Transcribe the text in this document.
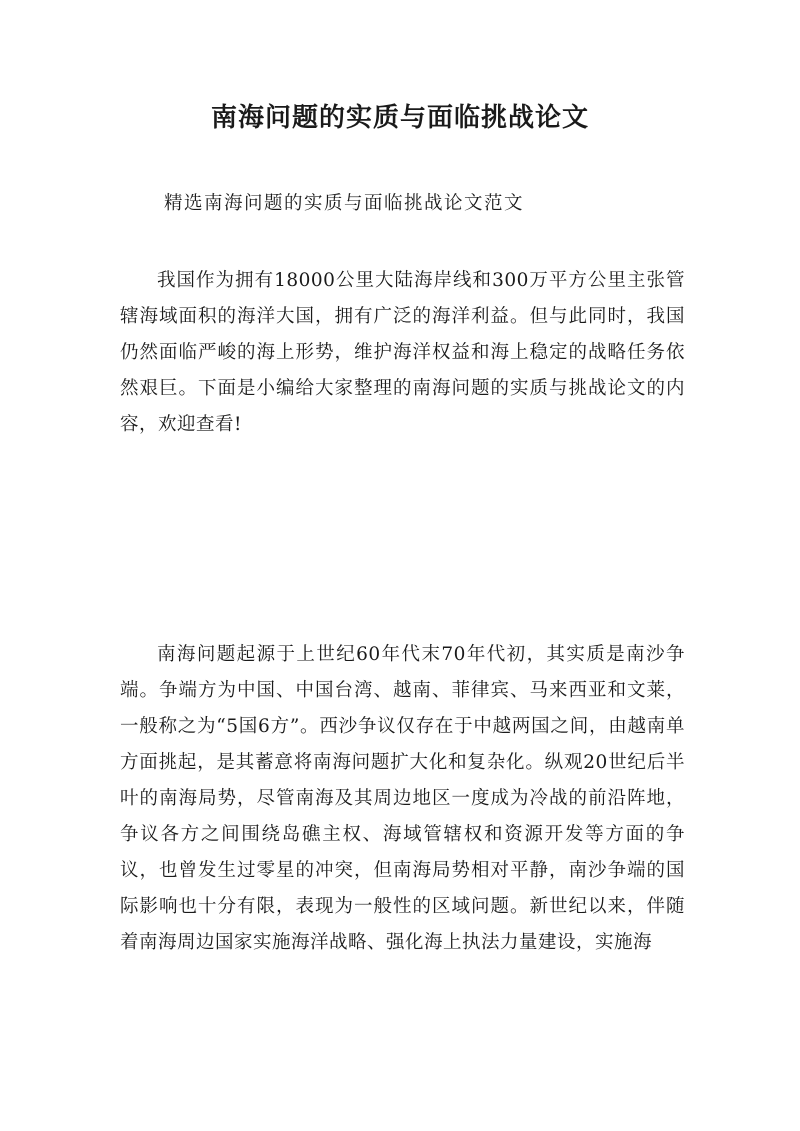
南海问题的实质与面临挑战论文
精选南海问题的实质与面临挑战论文范文

我国作为拥有18000公里大陆海岸线和300万平方公里主张管辖海域面积的海洋大国，拥有广泛的海洋利益。但与此同时，我国仍然面临严峻的海上形势，维护海洋权益和海上稳定的战略任务依然艰巨。下面是小编给大家整理的南海问题的实质与挑战论文的内容，欢迎查看!

南海问题起源于上世纪60年代末70年代初，其实质是南沙争端。争端方为中国、中国台湾、越南、菲律宾、马来西亚和文莱，一般称之为“5国6方”。西沙争议仅存在于中越两国之间，由越南单方面挑起，是其蓄意将南海问题扩大化和复杂化。纵观20世纪后半叶的南海局势，尽管南海及其周边地区一度成为冷战的前沿阵地，争议各方之间围绕岛礁主权、海域管辖权和资源开发等方面的争议，也曾发生过零星的冲突，但南海局势相对平静，南沙争端的国际影响也十分有限，表现为一般性的区域问题。新世纪以来，伴随着南海周边国家实施海洋战略、强化海上执法力量建设，实施海
